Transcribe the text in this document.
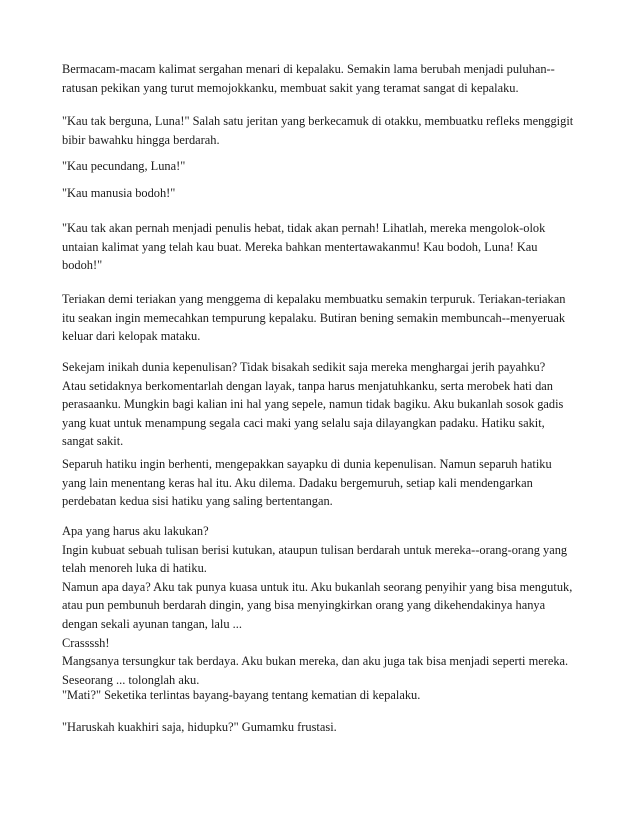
Bermacam-macam kalimat sergahan menari di kepalaku. Semakin lama berubah menjadi puluhan--
ratusan pekikan yang turut memojokkanku, membuat sakit yang teramat sangat di kepalaku.
"Kau tak berguna, Luna!" Salah satu jeritan yang berkecamuk di otakku, membuatku refleks menggigit
bibir bawahku hingga berdarah.
"Kau pecundang, Luna!"
"Kau manusia bodoh!"
"Kau tak akan pernah menjadi penulis hebat, tidak akan pernah! Lihatlah, mereka mengolok-olok
untaian kalimat yang telah kau buat. Mereka bahkan mentertawakanmu! Kau bodoh, Luna! Kau
bodoh!"
Teriakan demi teriakan yang menggema di kepalaku membuatku semakin terpuruk. Teriakan-teriakan
itu seakan ingin memecahkan tempurung kepalaku. Butiran bening semakin membuncah--menyeruak
keluar dari kelopak mataku.
Sekejam inikah dunia kepenulisan? Tidak bisakah sedikit saja mereka menghargai jerih payahku?
Atau setidaknya berkomentarlah dengan layak, tanpa harus menjatuhkanku, serta merobek hati dan
perasaanku. Mungkin bagi kalian ini hal yang sepele, namun tidak bagiku. Aku bukanlah sosok gadis
yang kuat untuk menampung segala caci maki yang selalu saja dilayangkan padaku. Hatiku sakit,
sangat sakit.
Separuh hatiku ingin berhenti, mengepakkan sayapku di dunia kepenulisan. Namun separuh hatiku
yang lain menentang keras hal itu. Aku dilema. Dadaku bergemuruh, setiap kali mendengarkan
perdebatan kedua sisi hatiku yang saling bertentangan.
Apa yang harus aku lakukan?
Ingin kubuat sebuah tulisan berisi kutukan, ataupun tulisan berdarah untuk mereka--orang-orang yang
telah menoreh luka di hatiku.
Namun apa daya? Aku tak punya kuasa untuk itu. Aku bukanlah seorang penyihir yang bisa mengutuk,
atau pun pembunuh berdarah dingin, yang bisa menyingkirkan orang yang dikehendakinya hanya
dengan sekali ayunan tangan, lalu ...
Crassssh!
Mangsanya tersungkur tak berdaya. Aku bukan mereka, dan aku juga tak bisa menjadi seperti mereka.
Seseorang ... tolonglah aku.
"Mati?" Seketika terlintas bayang-bayang tentang kematian di kepalaku.
"Haruskah kuakhiri saja, hidupku?" Gumamku frustasi.
